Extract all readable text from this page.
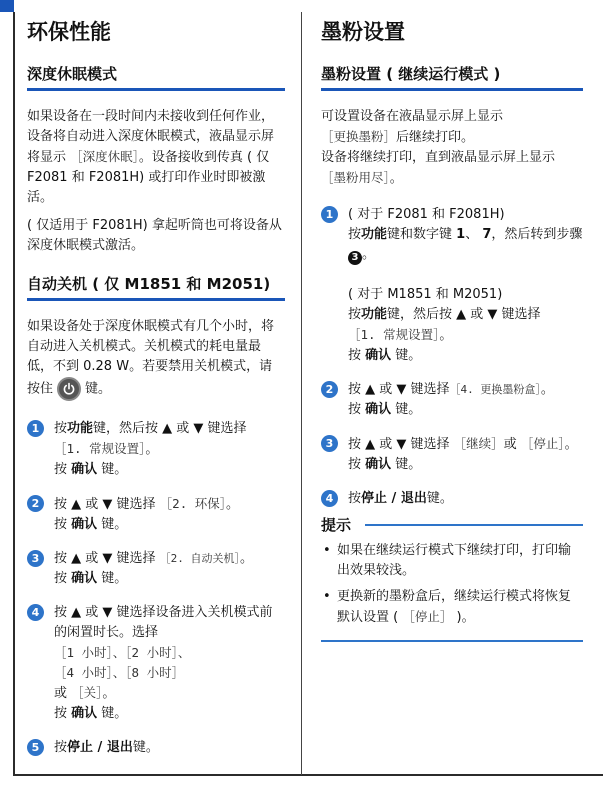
环保性能
深度休眠模式

如果设备在一段时间内未接收到任何作业，设备将自动进入深度休眠模式，液晶显示屏将显示 ［深度休眠］。设备接收到传真 ( 仅 F2081 和 F2081H) 或打印作业时即被激活。

( 仅适用于 F2081H) 拿起听筒也可将设备从深度休眠模式激活。

自动关机 ( 仅 M1851 和 M2051)

如果设备处于深度休眠模式有几个小时，将自动进入关机模式。关机模式的耗电量最低，不到 0.28 W。若要禁用关机模式，请按住 键。

1	按功能键，然后按 ▲ 或 ▼ 键选择
［1. 常规设置］。
按 确认 键。
2	按 ▲ 或 ▼ 键选择 ［2. 环保］。
按 确认 键。
3	按 ▲ 或 ▼ 键选择 ［2. 自动关机］。
按 确认 键。
4	按 ▲ 或 ▼ 键选择设备进入关机模式前的闲置时长。选择
［1 小时］、［2 小时］、
［4 小时］、［8 小时］
或 ［关］。
按 确认 键。
5	按停止 / 退出键。
墨粉设置
墨粉设置 ( 继续运行模式 )

可设置设备在液晶显示屏上显示
［更换墨粉］后继续打印。

设备将继续打印，直到液晶显示屏上显示 ［墨粉用尽］。

1	( 对于 F2081 和 F2081H)
按功能键和数字键 1、 7，然后转到步骤 3 。
( 对于 M1851 和 M2051)
按功能键，然后按 ▲ 或 ▼ 键选择
［1. 常规设置］。
按 确认 键。
2	按 ▲ 或 ▼ 键选择［4. 更换墨粉盒］。
按 确认 键。
3	按 ▲ 或 ▼ 键选择 ［继续］或 ［停止］。
按 确认 键。
4	按停止 / 退出键。
提示
• 如果在继续运行模式下继续打印，打印输出效果较浅。
• 更换新的墨粉盒后，继续运行模式将恢复默认设置 ( ［停止］ )。
